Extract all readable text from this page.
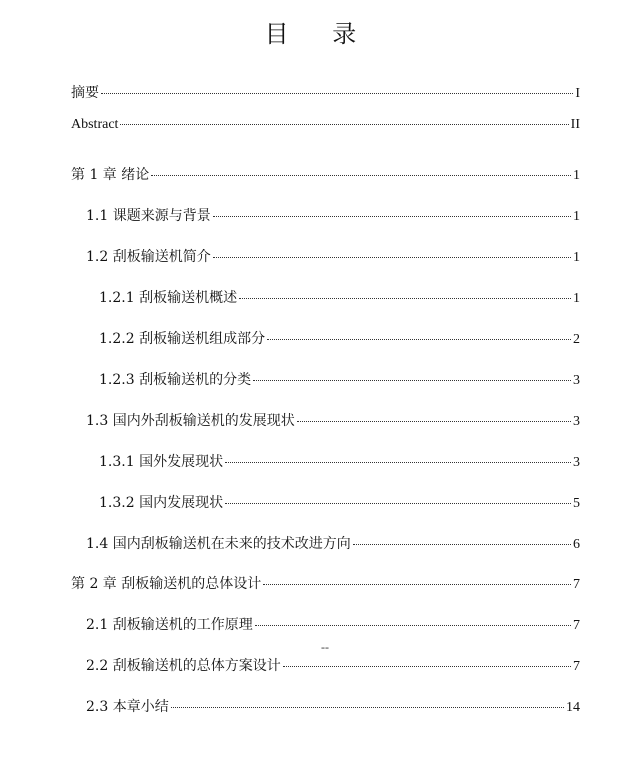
目 录
摘要	I
Abstract	II
第 1 章 绪论	1
1.1 课题来源与背景	1
1.2 刮板输送机简介	1
1.2.1 刮板输送机概述	1
1.2.2 刮板输送机组成部分	2
1.2.3 刮板输送机的分类	3
1.3 国内外刮板输送机的发展现状	3
1.3.1 国外发展现状	3
1.3.2 国内发展现状	5
1.4 国内刮板输送机在未来的技术改进方向	6
第 2 章 刮板输送机的总体设计	7
2.1 刮板输送机的工作原理	7
--
2.2 刮板输送机的总体方案设计	7
2.3 本章小结	14
